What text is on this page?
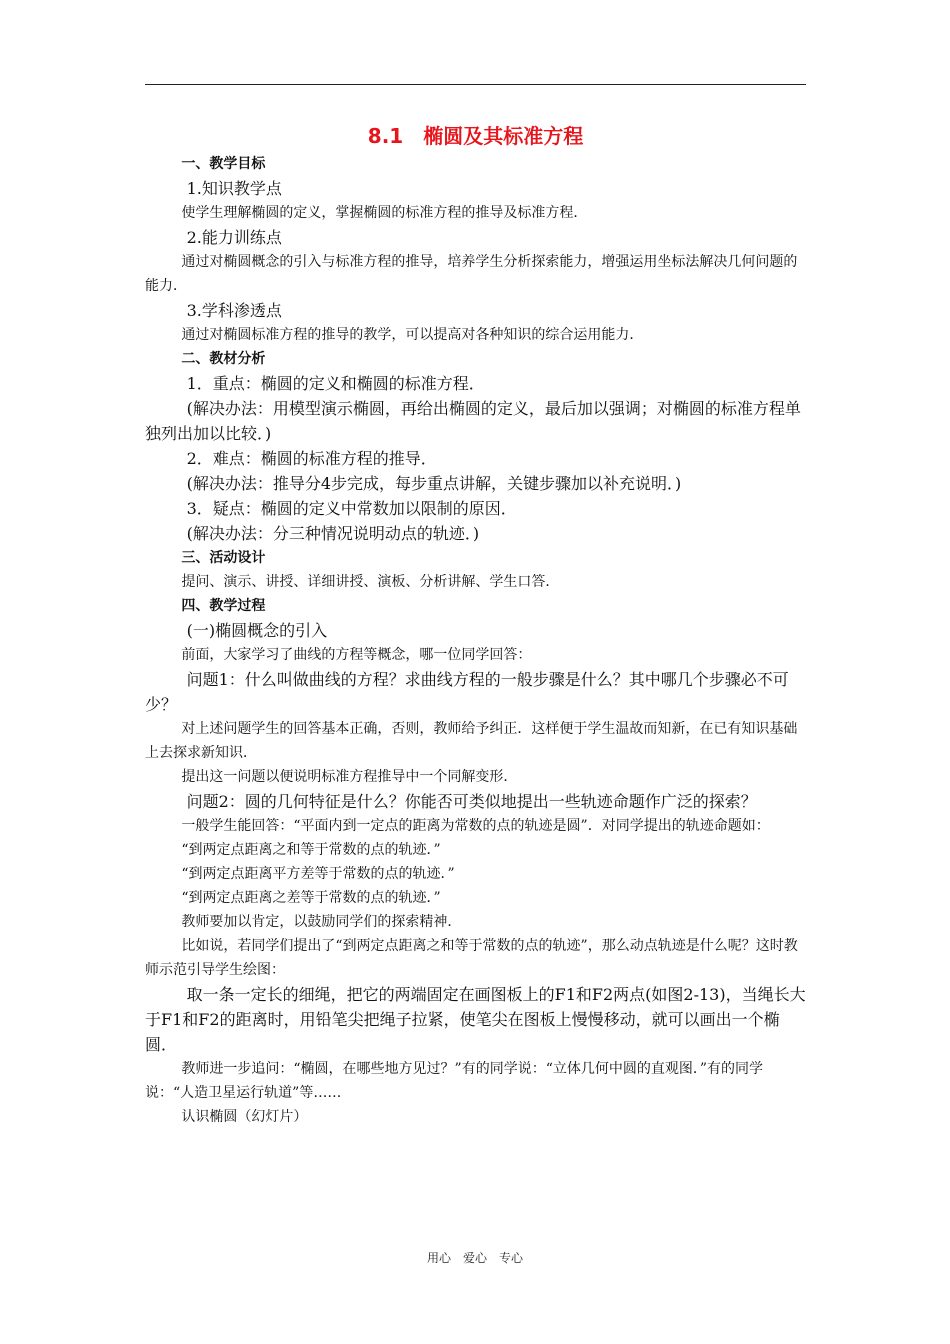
8.1　椭圆及其标准方程

一、教学目标

1.知识教学点

使学生理解椭圆的定义，掌握椭圆的标准方程的推导及标准方程．

2.能力训练点

通过对椭圆概念的引入与标准方程的推导，培养学生分析探索能力，增强运用坐标法解决几何问题的能力．

3.学科渗透点

通过对椭圆标准方程的推导的教学，可以提高对各种知识的综合运用能力．

二、教材分析

1．重点：椭圆的定义和椭圆的标准方程．

(解决办法：用模型演示椭圆，再给出椭圆的定义，最后加以强调；对椭圆的标准方程单独列出加以比较．)

2．难点：椭圆的标准方程的推导．

(解决办法：推导分4步完成，每步重点讲解，关键步骤加以补充说明．)

3．疑点：椭圆的定义中常数加以限制的原因．

(解决办法：分三种情况说明动点的轨迹．)

三、活动设计

提问、演示、讲授、详细讲授、演板、分析讲解、学生口答．

四、教学过程

(一)椭圆概念的引入

前面，大家学习了曲线的方程等概念，哪一位同学回答：

问题1：什么叫做曲线的方程？求曲线方程的一般步骤是什么？其中哪几个步骤必不可少？

对上述问题学生的回答基本正确，否则，教师给予纠正．这样便于学生温故而知新，在已有知识基础上去探求新知识．

提出这一问题以便说明标准方程推导中一个同解变形．

问题2：圆的几何特征是什么？你能否可类似地提出一些轨迹命题作广泛的探索？

一般学生能回答：“平面内到一定点的距离为常数的点的轨迹是圆”．对同学提出的轨迹命题如：

“到两定点距离之和等于常数的点的轨迹．”

“到两定点距离平方差等于常数的点的轨迹．”

“到两定点距离之差等于常数的点的轨迹．”

教师要加以肯定，以鼓励同学们的探索精神．

比如说，若同学们提出了“到两定点距离之和等于常数的点的轨迹”，那么动点轨迹是什么呢？这时教师示范引导学生绘图：

取一条一定长的细绳，把它的两端固定在画图板上的F1和F2两点(如图2-13)，当绳长大于F1和F2的距离时，用铅笔尖把绳子拉紧，使笔尖在图板上慢慢移动，就可以画出一个椭圆．

教师进一步追问：“椭圆，在哪些地方见过？”有的同学说：“立体几何中圆的直观图．”有的同学说：“人造卫星运行轨道”等……

认识椭圆（幻灯片）

用心　爱心　专心
